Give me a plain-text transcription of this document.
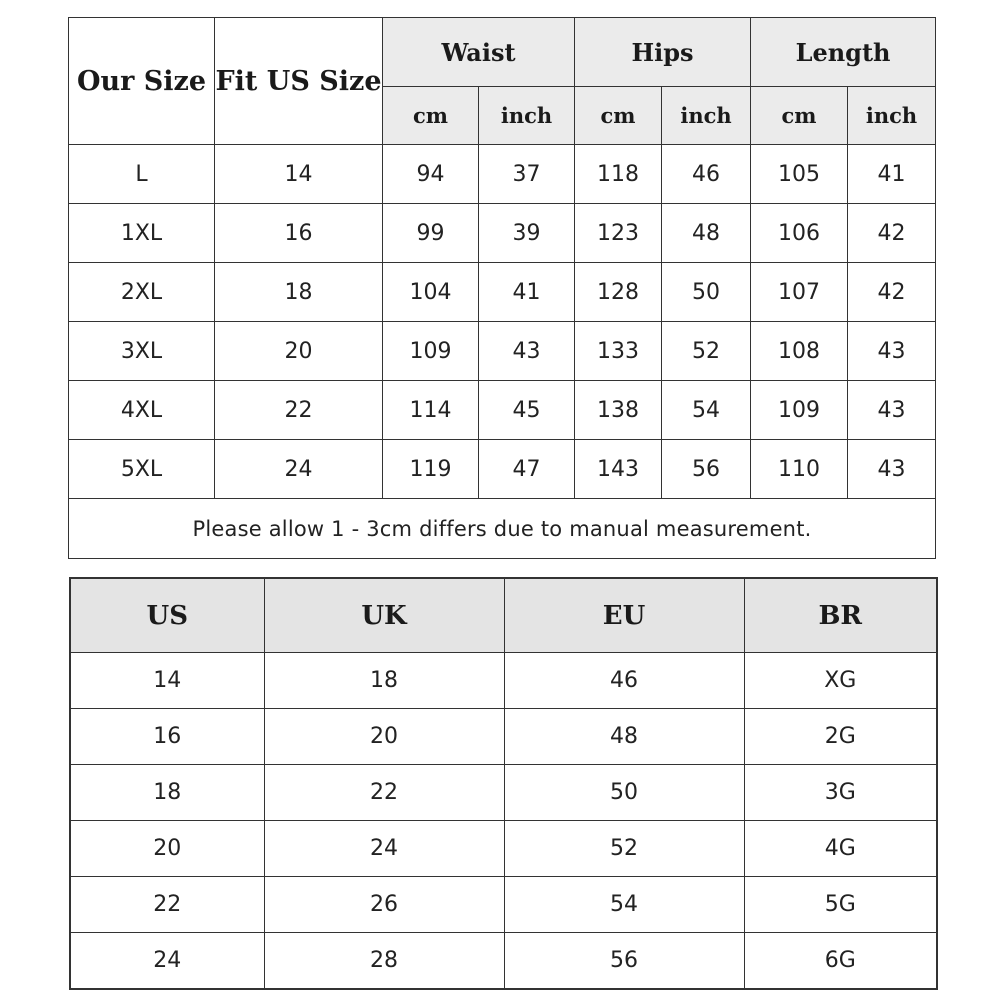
Our Size	Fit US Size	Waist		Hips		Length	
		cm	inch	cm	inch	cm	inch
L	14	94	37	118	46	105	41
1XL	16	99	39	123	48	106	42
2XL	18	104	41	128	50	107	42
3XL	20	109	43	133	52	108	43
4XL	22	114	45	138	54	109	43
5XL	24	119	47	143	56	110	43
Please allow 1 - 3cm differs due to manual measurement.							
US	UK	EU	BR
14	18	46	XG
16	20	48	2G
18	22	50	3G
20	24	52	4G
22	26	54	5G
24	28	56	6G
